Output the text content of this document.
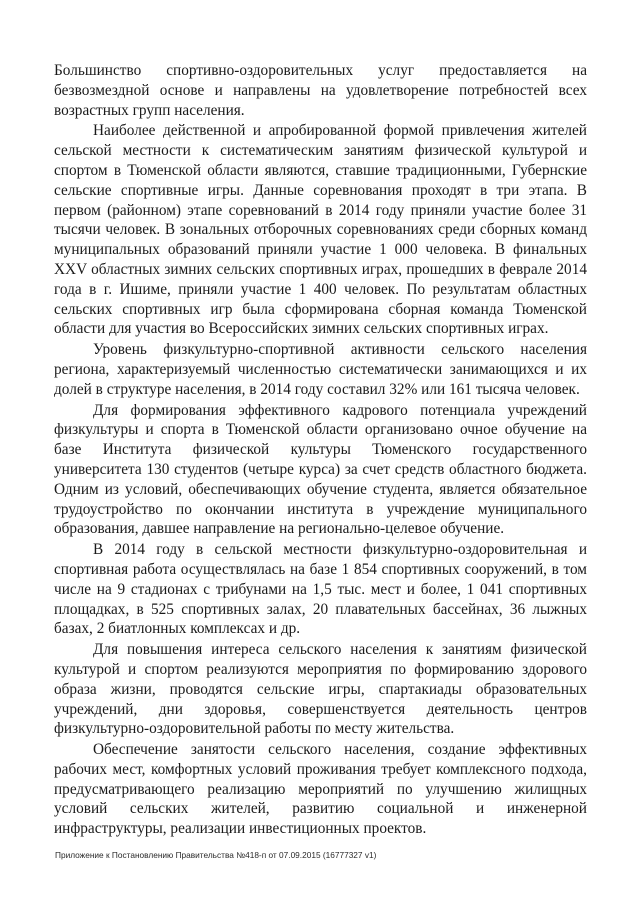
Большинство спортивно-оздоровительных услуг предоставляется на безвозмездной основе и направлены на удовлетворение потребностей всех возрастных групп населения.

Наиболее действенной и апробированной формой привлечения жителей сельской местности к систематическим занятиям физической культурой и спортом в Тюменской области являются, ставшие традиционными, Губернские сельские спортивные игры. Данные соревнования проходят в три этапа. В первом (районном) этапе соревнований в 2014 году приняли участие более 31 тысячи человек. В зональных отборочных соревнованиях среди сборных команд муниципальных образований приняли участие 1 000 человека. В финальных XXV областных зимних сельских спортивных играх, прошедших в феврале 2014 года в г. Ишиме, приняли участие 1 400 человек. По результатам областных сельских спортивных игр была сформирована сборная команда Тюменской области для участия во Всероссийских зимних сельских спортивных играх.

Уровень физкультурно-спортивной активности сельского населения региона, характеризуемый численностью систематически занимающихся и их долей в структуре населения, в 2014 году составил 32% или 161 тысяча человек.

Для формирования эффективного кадрового потенциала учреждений физкультуры и спорта в Тюменской области организовано очное обучение на базе Института физической культуры Тюменского государственного университета 130 студентов (четыре курса) за счет средств областного бюджета. Одним из условий, обеспечивающих обучение студента, является обязательное трудоустройство по окончании института в учреждение муниципального образования, давшее направление на регионально-целевое обучение.

В 2014 году в сельской местности физкультурно-оздоровительная и спортивная работа осуществлялась на базе 1 854 спортивных сооружений, в том числе на 9 стадионах с трибунами на 1,5 тыс. мест и более, 1 041 спортивных площадках, в 525 спортивных залах, 20 плавательных бассейнах, 36 лыжных базах, 2 биатлонных комплексах и др.

Для повышения интереса сельского населения к занятиям физической культурой и спортом реализуются мероприятия по формированию здорового образа жизни, проводятся сельские игры, спартакиады образовательных учреждений, дни здоровья, совершенствуется деятельность центров физкультурно-оздоровительной работы по месту жительства.

Обеспечение занятости сельского населения, создание эффективных рабочих мест, комфортных условий проживания требует комплексного подхода, предусматривающего реализацию мероприятий по улучшению жилищных условий сельских жителей, развитию социальной и инженерной инфраструктуры, реализации инвестиционных проектов.

Приложение к Постановлению Правительства №418-п от 07.09.2015 (16777327 v1)
